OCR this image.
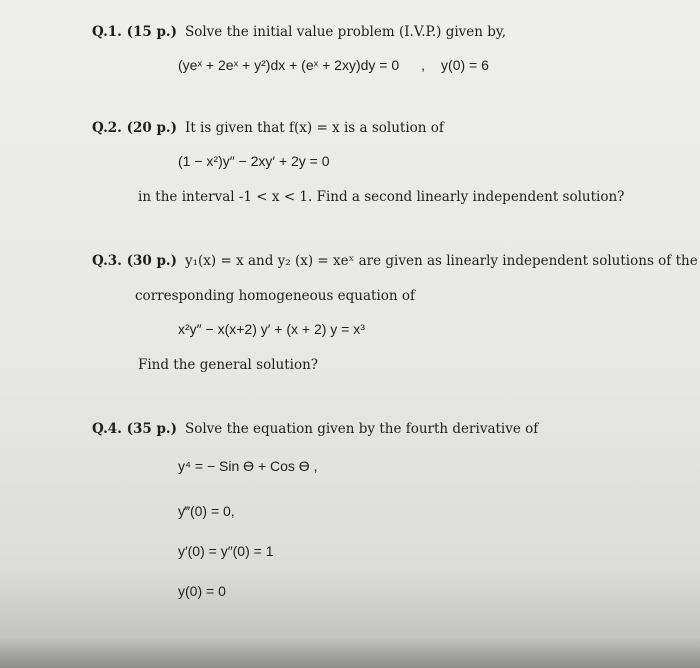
Q.1. (15 p.) Solve the initial value problem (I.V.P.) given by,
(yeˣ + 2eˣ + y²)dx + (eˣ + 2xy)dy = 0 , y(0) = 6
Q.2. (20 p.) It is given that f(x) = x is a solution of
(1 − x²)y″ − 2xy′ + 2y = 0
in the interval -1 < x < 1. Find a second linearly independent solution?
Q.3. (30 p.) y₁(x) = x and y₂ (x) = xeˣ are given as linearly independent solutions of the
corresponding homogeneous equation of
x²y″ − x(x+2) y′ + (x + 2) y = x³
Find the general solution?
Q.4. (35 p.) Solve the equation given by the fourth derivative of
y⁴ = − Sin ϴ + Cos ϴ ,
y‴(0) = 0,
y′(0) = y″(0) = 1
y(0) = 0
